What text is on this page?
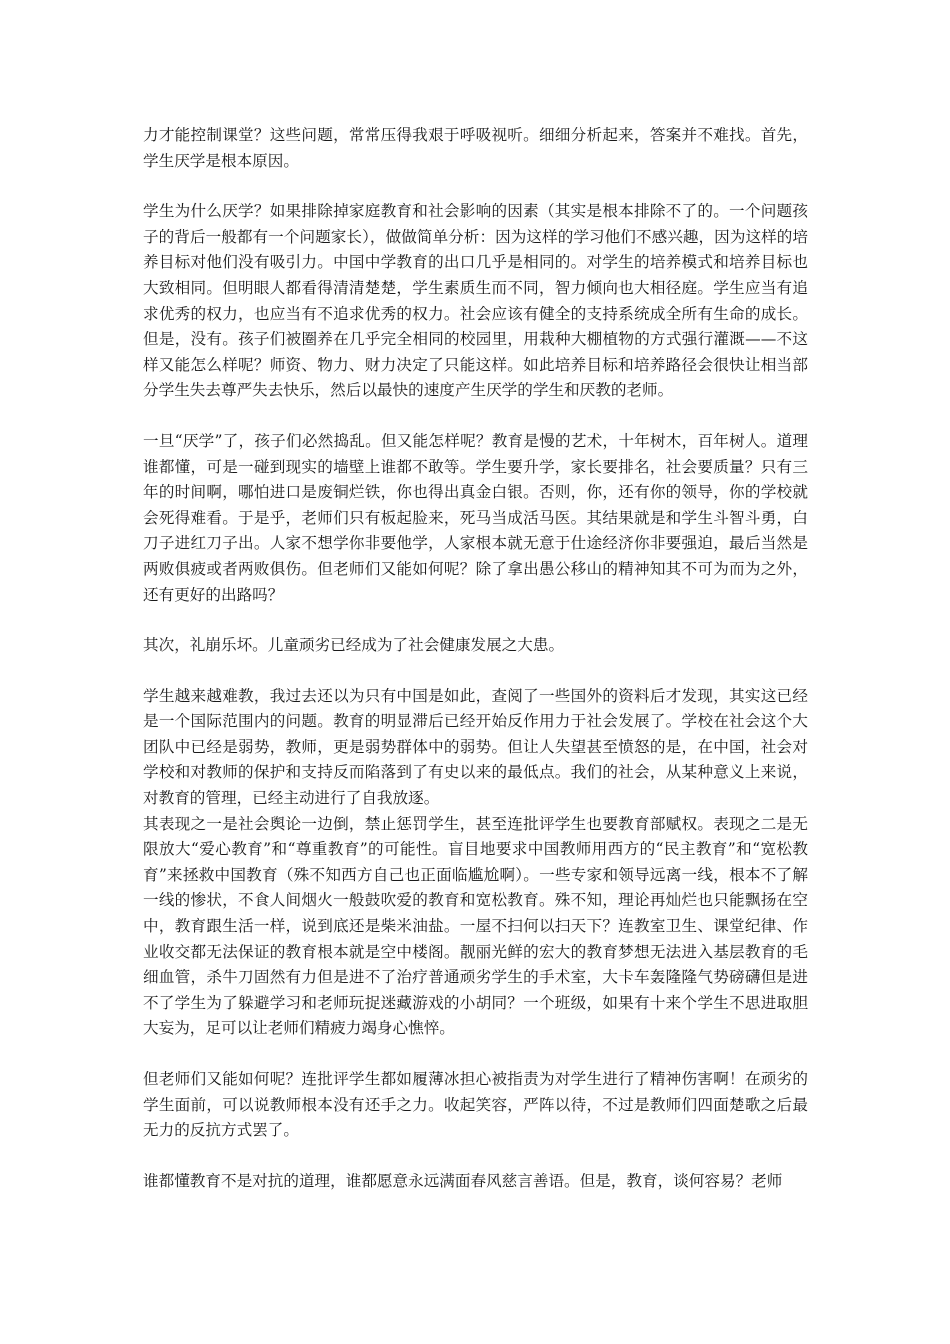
力才能控制课堂？这些问题，常常压得我艰于呼吸视听。细细分析起来，答案并不难找。首先，学生厌学是根本原因。

学生为什么厌学？如果排除掉家庭教育和社会影响的因素（其实是根本排除不了的。一个问题孩子的背后一般都有一个问题家长），做做简单分析：因为这样的学习他们不感兴趣，因为这样的培养目标对他们没有吸引力。中国中学教育的出口几乎是相同的。对学生的培养模式和培养目标也大致相同。但明眼人都看得清清楚楚，学生素质生而不同，智力倾向也大相径庭。学生应当有追求优秀的权力，也应当有不追求优秀的权力。社会应该有健全的支持系统成全所有生命的成长。但是，没有。孩子们被圈养在几乎完全相同的校园里，用栽种大棚植物的方式强行灌溉——不这样又能怎么样呢？师资、物力、财力决定了只能这样。如此培养目标和培养路径会很快让相当部分学生失去尊严失去快乐，然后以最快的速度产生厌学的学生和厌教的老师。

一旦“厌学”了，孩子们必然捣乱。但又能怎样呢？教育是慢的艺术，十年树木，百年树人。道理谁都懂，可是一碰到现实的墙壁上谁都不敢等。学生要升学，家长要排名，社会要质量？只有三年的时间啊，哪怕进口是废铜烂铁，你也得出真金白银。否则，你，还有你的领导，你的学校就会死得难看。于是乎，老师们只有板起脸来，死马当成活马医。其结果就是和学生斗智斗勇，白刀子进红刀子出。人家不想学你非要他学，人家根本就无意于仕途经济你非要强迫，最后当然是两败俱疲或者两败俱伤。但老师们又能如何呢？除了拿出愚公移山的精神知其不可为而为之外，还有更好的出路吗？

其次，礼崩乐坏。儿童顽劣已经成为了社会健康发展之大患。

学生越来越难教，我过去还以为只有中国是如此，查阅了一些国外的资料后才发现，其实这已经是一个国际范围内的问题。教育的明显滞后已经开始反作用力于社会发展了。学校在社会这个大团队中已经是弱势，教师，更是弱势群体中的弱势。但让人失望甚至愤怒的是，在中国，社会对学校和对教师的保护和支持反而陷落到了有史以来的最低点。我们的社会，从某种意义上来说，对教育的管理，已经主动进行了自我放逐。

其表现之一是社会舆论一边倒，禁止惩罚学生，甚至连批评学生也要教育部赋权。表现之二是无限放大“爱心教育”和“尊重教育”的可能性。盲目地要求中国教师用西方的“民主教育”和“宽松教育”来拯救中国教育（殊不知西方自己也正面临尴尬啊）。一些专家和领导远离一线，根本不了解一线的惨状，不食人间烟火一般鼓吹爱的教育和宽松教育。殊不知，理论再灿烂也只能飘扬在空中，教育跟生活一样，说到底还是柴米油盐。一屋不扫何以扫天下？连教室卫生、课堂纪律、作业收交都无法保证的教育根本就是空中楼阁。靓丽光鲜的宏大的教育梦想无法进入基层教育的毛细血管，杀牛刀固然有力但是进不了治疗普通顽劣学生的手术室，大卡车轰隆隆气势磅礴但是进不了学生为了躲避学习和老师玩捉迷藏游戏的小胡同？一个班级，如果有十来个学生不思进取胆大妄为，足可以让老师们精疲力竭身心憔悴。

但老师们又能如何呢？连批评学生都如履薄冰担心被指责为对学生进行了精神伤害啊！在顽劣的学生面前，可以说教师根本没有还手之力。收起笑容，严阵以待，不过是教师们四面楚歌之后最无力的反抗方式罢了。

谁都懂教育不是对抗的道理，谁都愿意永远满面春风慈言善语。但是，教育，谈何容易？老师
